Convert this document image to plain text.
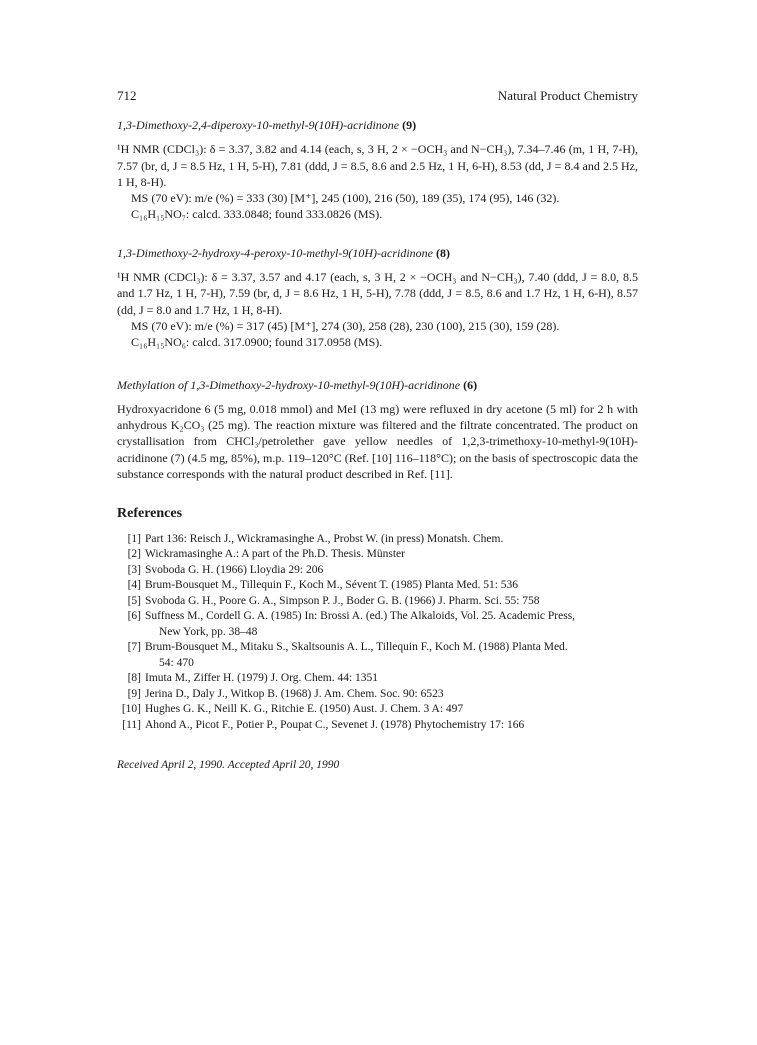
712	Natural Product Chemistry
1,3-Dimethoxy-2,4-diperoxy-10-methyl-9(10H)-acridinone (9)

¹H NMR (CDCl₃): δ = 3.37, 3.82 and 4.14 (each, s, 3 H, 2 × −OCH₃ and N−CH₃), 7.34–7.46 (m, 1 H, 7-H), 7.57 (br, d, J = 8.5 Hz, 1 H, 5-H), 7.81 (ddd, J = 8.5, 8.6 and 2.5 Hz, 1 H, 6-H), 8.53 (dd, J = 8.4 and 2.5 Hz, 1 H, 8-H).

MS (70 eV): m/e (%) = 333 (30) [M⁺], 245 (100), 216 (50), 189 (35), 174 (95), 146 (32).

C₁₆H₁₅NO₇: calcd. 333.0848; found 333.0826 (MS).

1,3-Dimethoxy-2-hydroxy-4-peroxy-10-methyl-9(10H)-acridinone (8)

¹H NMR (CDCl₃): δ = 3.37, 3.57 and 4.17 (each, s, 3 H, 2 × −OCH₃ and N−CH₃), 7.40 (ddd, J = 8.0, 8.5 and 1.7 Hz, 1 H, 7-H), 7.59 (br, d, J = 8.6 Hz, 1 H, 5-H), 7.78 (ddd, J = 8.5, 8.6 and 1.7 Hz, 1 H, 6-H), 8.57 (dd, J = 8.0 and 1.7 Hz, 1 H, 8-H).

MS (70 eV): m/e (%) = 317 (45) [M⁺], 274 (30), 258 (28), 230 (100), 215 (30), 159 (28).

C₁₆H₁₅NO₆: calcd. 317.0900; found 317.0958 (MS).

Methylation of 1,3-Dimethoxy-2-hydroxy-10-methyl-9(10H)-acridinone (6)

Hydroxyacridone 6 (5 mg, 0.018 mmol) and MeI (13 mg) were refluxed in dry acetone (5 ml) for 2 h with anhydrous K₂CO₃ (25 mg). The reaction mixture was filtered and the filtrate concentrated. The product on crystallisation from CHCl₃/petrolether gave yellow needles of 1,2,3-trimethoxy-10-methyl-9(10H)-acridinone (7) (4.5 mg, 85%), m.p. 119–120°C (Ref. [10] 116–118°C); on the basis of spectroscopic data the substance corresponds with the natural product described in Ref. [11].

References
[1] Part 136: Reisch J., Wickramasinghe A., Probst W. (in press) Monatsh. Chem.
[2] Wickramasinghe A.: A part of the Ph.D. Thesis. Münster
[3] Svoboda G. H. (1966) Lloydia 29: 206
[4] Brum-Bousquet M., Tillequin F., Koch M., Sévent T. (1985) Planta Med. 51: 536
[5] Svoboda G. H., Poore G. A., Simpson P. J., Boder G. B. (1966) J. Pharm. Sci. 55: 758
[6] Suffness M., Cordell G. A. (1985) In: Brossi A. (ed.) The Alkaloids, Vol. 25. Academic Press,
New York, pp. 38–48
[7] Brum-Bousquet M., Mitaku S., Skaltsounis A. L., Tillequin F., Koch M. (1988) Planta Med.
54: 470
[8] Imuta M., Ziffer H. (1979) J. Org. Chem. 44: 1351
[9] Jerina D., Daly J., Witkop B. (1968) J. Am. Chem. Soc. 90: 6523
[10] Hughes G. K., Neill K. G., Ritchie E. (1950) Aust. J. Chem. 3 A: 497
[11] Ahond A., Picot F., Potier P., Poupat C., Sevenet J. (1978) Phytochemistry 17: 166
Received April 2, 1990. Accepted April 20, 1990
